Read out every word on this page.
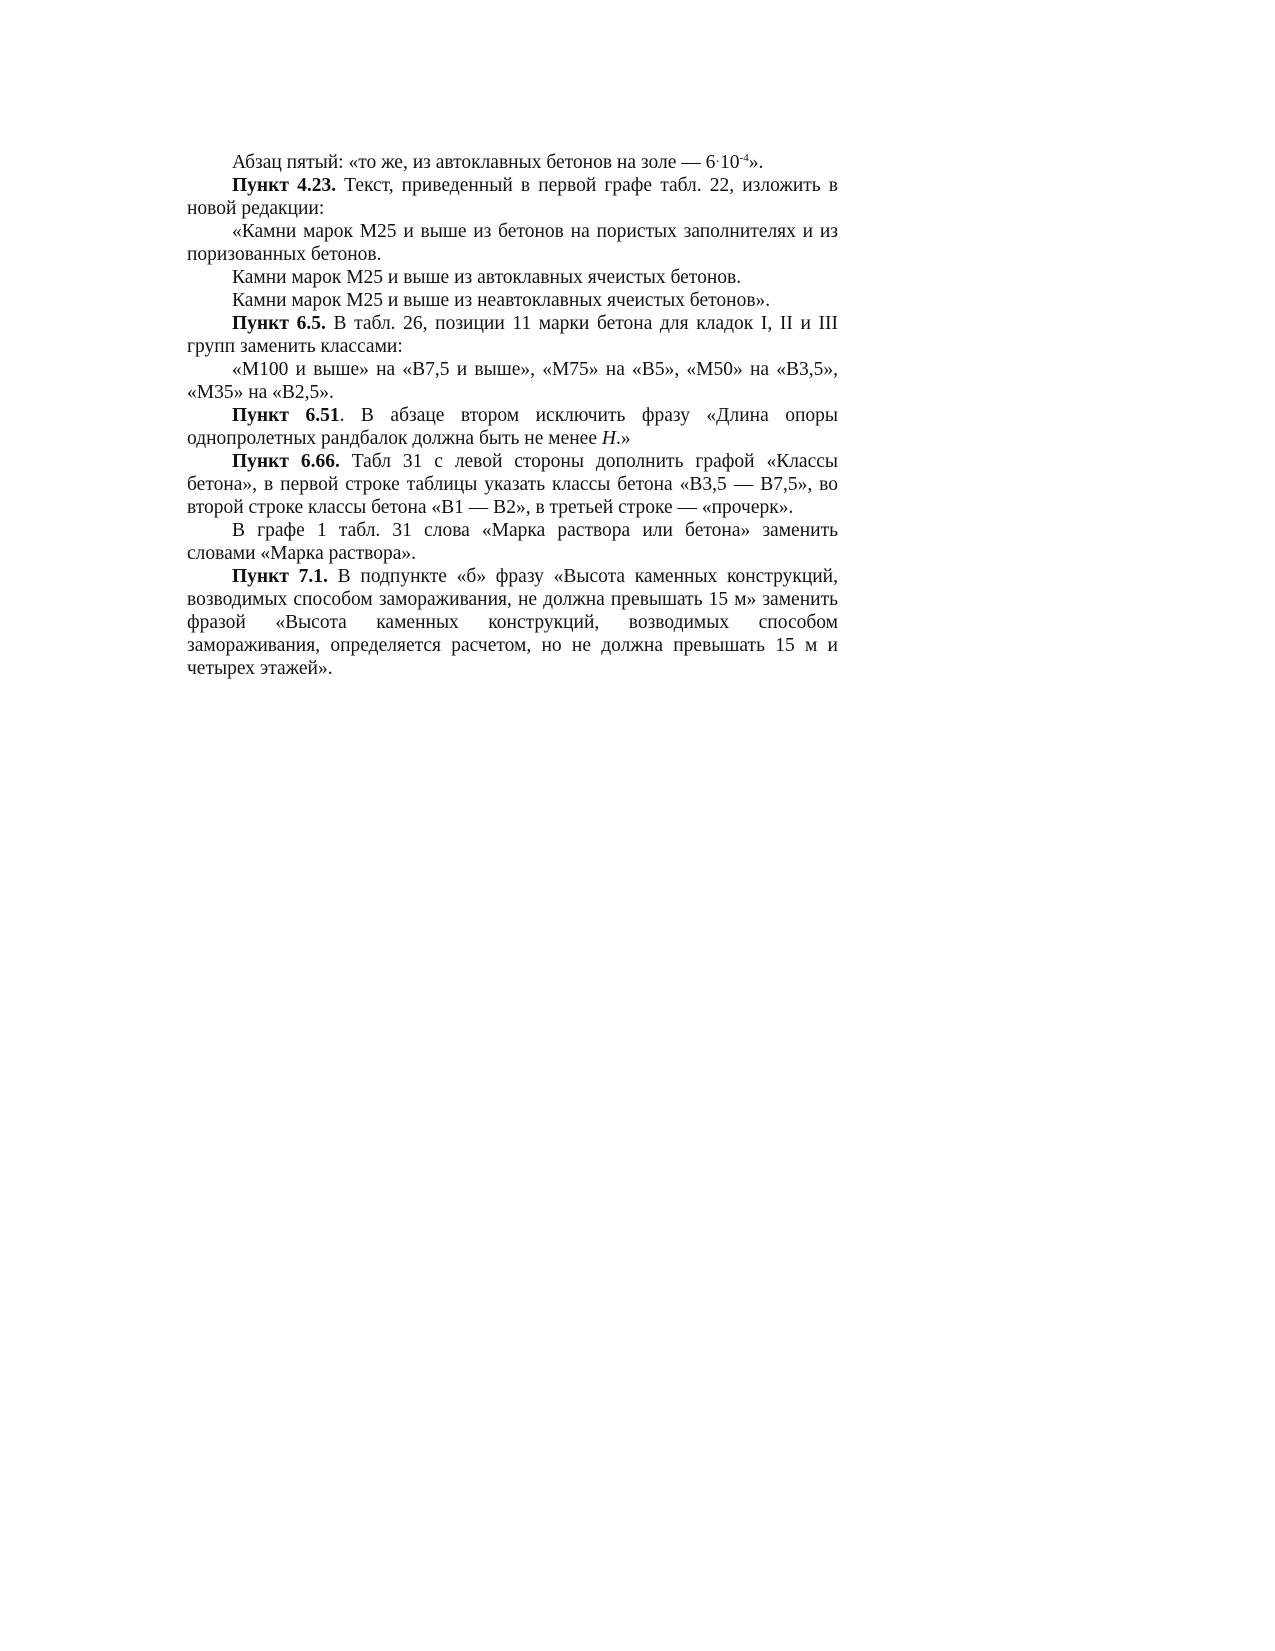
Абзац пятый: «то же, из автоклавных бетонов на золе — $6\cdot 10^{-4}$».

Пункт 4.23. Текст, приведенный в первой графе табл. 22, изложить в новой редакции:

«Камни марок М25 и выше из бетонов на пористых заполнителях и из поризованных бетонов.

Камни марок М25 и выше из автоклавных ячеистых бетонов.

Камни марок М25 и выше из неавтоклавных ячеистых бетонов».

Пункт 6.5. В табл. 26, позиции 11 марки бетона для кладок I, II и III групп заменить классами:

«М100 и выше» на «В7,5 и выше», «М75» на «В5», «М50» на «В3,5», «М35» на «В2,5».

Пункт 6.51. В абзаце втором исключить фразу «Длина опоры однопролетных рандбалок должна быть не менее Н.»

Пункт 6.66. Табл 31 с левой стороны дополнить графой «Классы бетона», в первой строке таблицы указать классы бетона «В3,5 — В7,5», во второй строке классы бетона «В1 — В2», в третьей строке — «прочерк».

В графе 1 табл. 31 слова «Марка раствора или бетона» заменить словами «Марка раствора».

Пункт 7.1. В подпункте «б» фразу «Высота каменных конструкций, возводимых способом замораживания, не должна превышать 15 м» заменить фразой «Высота каменных конструкций, возводимых способом замораживания, определяется расчетом, но не должна превышать 15 м и четырех этажей».
